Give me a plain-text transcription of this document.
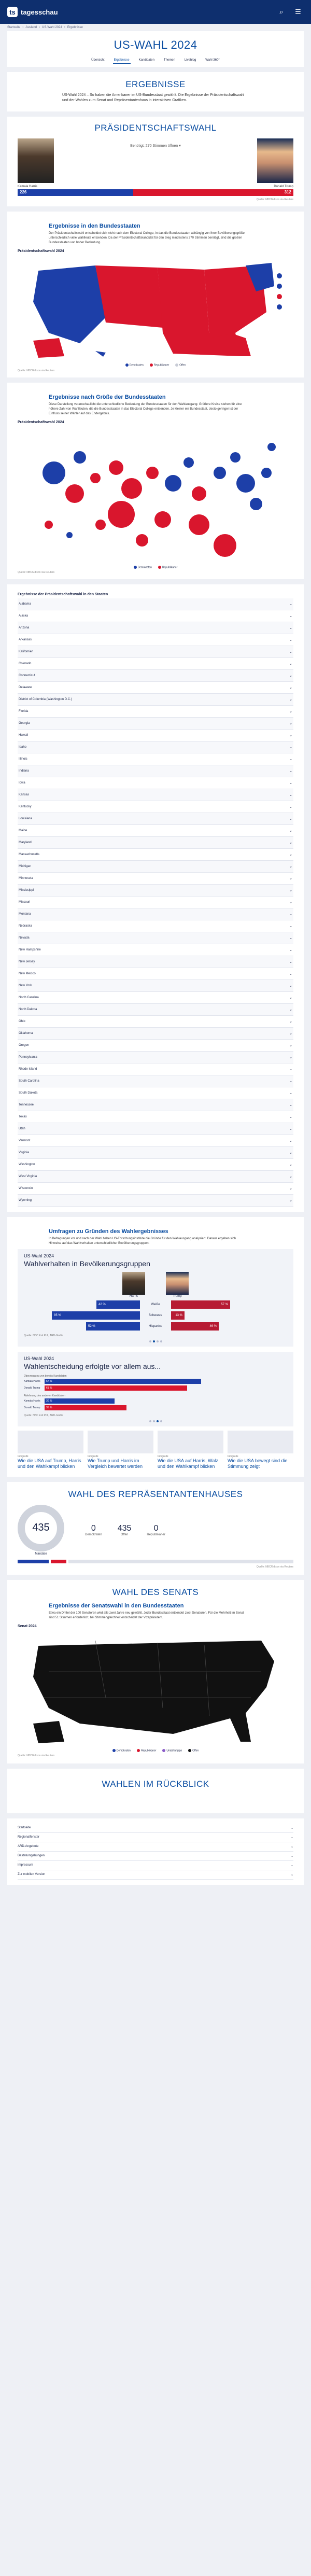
ts tagesschau	⌕	☰
Startseite › Ausland › US-Wahl 2024 › Ergebnisse
US-WAHL 2024
Übersicht	Ergebnisse	Kandidaten	Themen	Liveblog	Wahl 360°
ERGEBNISSE

US-Wahl 2024 – So haben die Amerikaner im US-Bundesstaat gewählt. Die Ergebnisse der Präsidentschaftswahl und der Wahlen zum Senat und Repräsentantenhaus in interaktiven Grafiken.

PRÄSIDENTSCHAFTSWAHL
Benötigt: 270 Stimmen öffnen ▾
Kamala Harris	Donald Trump
226	312
Quelle: NBC/Edison via Reuters
Ergebnisse in den Bundesstaaten

Der Präsidentschaftswahl entscheidet sich nicht nach dem Electoral College, in das die Bundesstaaten abhängig von ihrer Bevölkerungsgröße unterschiedlich viele Wahlleute entsenden. Da der Präsidentschaftskandidat für den Sieg mindestens 270 Stimmen benötigt, sind die großen Bundesstaaten von hoher Bedeutung.

Präsidentschaftswahl 2024
Demokraten	Republikaner	Offen
Quelle: NBC/Edison via Reuters
Ergebnisse nach Größe der Bundesstaaten

Diese Darstellung veranschaulicht die unterschiedliche Bedeutung der Bundesstaaten für den Wahlausgang: Größere Kreise stehen für eine höhere Zahl von Wahlleuten, die die Bundesstaaten in das Electoral College entsenden. Je kleiner ein Bundesstaat, desto geringer ist der Einfluss seiner Wähler auf das Endergebnis.

Präsidentschaftswahl 2024
Demokraten	Republikaner
Quelle: NBC/Edison via Reuters
Ergebnisse der Präsidentschaftswahl in den Staaten
Alabama	⌄
Alaska	⌄
Arizona	⌄
Arkansas	⌄
Kalifornien	⌄
Colorado	⌄
Connecticut	⌄
Delaware	⌄
District of Columbia (Washington D.C.)	⌄
Florida	⌄
Georgia	⌄
Hawaii	⌄
Idaho	⌄
Illinois	⌄
Indiana	⌄
Iowa	⌄
Kansas	⌄
Kentucky	⌄
Louisiana	⌄
Maine	⌄
Maryland	⌄
Massachusetts	⌄
Michigan	⌄
Minnesota	⌄
Mississippi	⌄
Missouri	⌄
Montana	⌄
Nebraska	⌄
Nevada	⌄
New Hampshire	⌄
New Jersey	⌄
New Mexico	⌄
New York	⌄
North Carolina	⌄
North Dakota	⌄
Ohio	⌄
Oklahoma	⌄
Oregon	⌄
Pennsylvania	⌄
Rhode Island	⌄
South Carolina	⌄
South Dakota	⌄
Tennessee	⌄
Texas	⌄
Utah	⌄
Vermont	⌄
Virginia	⌄
Washington	⌄
West Virginia	⌄
Wisconsin	⌄
Wyoming	⌄
Umfragen zu Gründen des Wahlergebnisses

In Befragungen vor und nach der Wahl haben US-Forschungsinstitute die Gründe für den Wahlausgang analysiert. Daraus ergeben sich Hinweise auf das Wahlverhalten unterschiedlicher Bevölkerungsgruppen.

US-Wahl 2024
Wahlverhalten in Bevölkerungsgruppen
Harris	Trump
42 %	Weiße	57 %
85 %	Schwarze	13 %
52 %	Hispanics	46 %
Quelle: NBC Exit Poll, ARD-Grafik
US-Wahl 2024
Wahlentscheidung erfolgte vor allem aus...
Überzeugung von bereits Kandidaten
Kamala Harris	67 %
Donald Trump	61 %
Ablehnung des anderen Kandidaten
Kamala Harris	30 %
Donald Trump	35 %
Quelle: NBC Exit Poll, ARD-Grafik
Infografik
Wie die USA auf Trump, Harris und den Wahlkampf blicken
Infografik
Wie Trump und Harris im Vergleich bewertet werden
Infografik
Wie die USA auf Harris, Walz und den Wahlkampf blicken
Infografik
Wie die USA bewegt sind die Stimmung zeigt
WAHL DES REPRÄSENTANTENHAUSES
435
Mandate
0
Demokraten
435
Offen
0
Republikaner
Quelle: NBC/Edison via Reuters
WAHL DES SENATS
Ergebnisse der Senatswahl in den Bundesstaaten

Etwa ein Drittel der 100 Senatoren wird alle zwei Jahre neu gewählt. Jeder Bundesstaat entsendet zwei Senatoren. Für die Mehrheit im Senat sind 51 Stimmen erforderlich; bei Stimmengleichheit entscheidet der Vizepräsident.

Senat 2024
Demokraten	Republikaner	Unabhängige	Offen
Quelle: NBC/Edison via Reuters
WAHLEN IM RÜCKBLICK
Startseite	⌄
Regionalfenster	⌄
ARD-Angebote	⌄
Bestatumgebungen	⌄
Impressum	⌄
Zur mobilen Version	⌄
